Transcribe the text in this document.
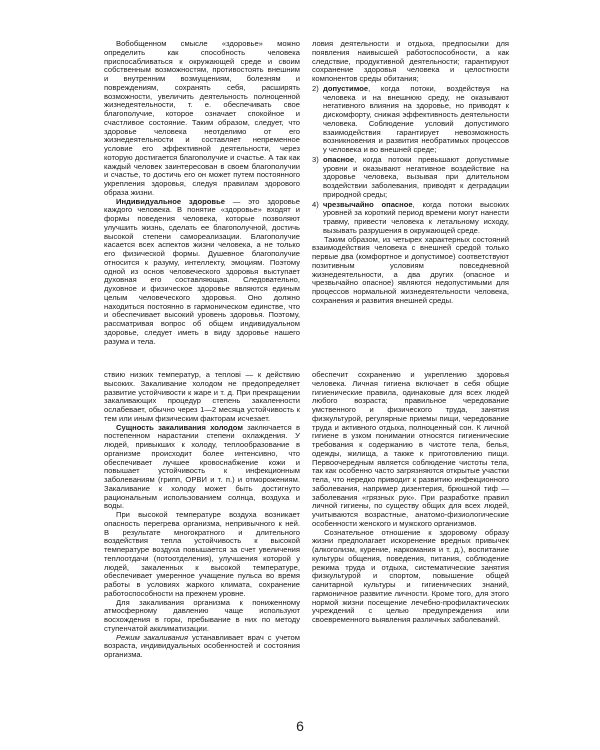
Вобобщенном смысле «здоровье» можно определить как способность человека приспосабливаться к окружающей среде и своим собственным возможностям, противостоять внешним и внутренним возмущениям, болезням и повреждениям, сохранять себя, расширять возможности, увеличить деятельность полноценной жизнедеятельности, т. е. обеспечивать свое благополучие, которое означает спокойное и счастливое состояние. Таким образом, следует, что здоровье человека неотделимо от его жизнедеятельности и составляет непременное условие его эффективной деятельности, через которую достигается благополучие и счастье. А так как каждый человек заинтересован в своем благополучии и счастье, то достичь его он может путем постоянного укрепления здоровья, следуя правилам здорового образа жизни.

Индивидуальное здоровье — это здоровье каждого человека. В понятие «здоровье» входят и формы поведения человека, которые позволяют улучшить жизнь, сделать ее благополучной, достичь высокой степени самореализации. Благополучие касается всех аспектов жизни человека, а не только его физической формы. Душевное благополучие относится к разуму, интеллекту, эмоциям. Поэтому одной из основ человеческого здоровья выступает духовная его составляющая. Следовательно, духовное и физическое здоровье являются единым целым человеческого здоровья. Оно должно находиться постоянно в гармоническом единстве, что и обеспечивает высокий уровень здоровья. Поэтому, рассматривая вопрос об общем индивидуальном здоровье, следует иметь в виду здоровье нашего разума и тела.

ловия деятельности и отдыха, предпосылки для появления наивысшей работоспособности, а как следствие, продуктивной деятельности; гарантируют сохранение здоровья человека и целостности компонентов среды обитания;

2) допустимое, когда потоки, воздействуя на человека и на внешнюю среду, не оказывают негативного влияния на здоровье, но приводят к дискомфорту, снижая эффективность деятельности человека. Соблюдение условий допустимого взаимодействия гарантирует невозможность возникновения и развития необратимых процессов у человека и во внешней среде;
3) опасное, когда потоки превышают допустимые уровни и оказывают негативное воздействие на здоровье человека, вызывая при длительном воздействии заболевания, приводят к деградации природной среды;
4) чрезвычайно опасное, когда потоки высоких уровней за короткий период времени могут нанести травму, привести человека к летальному исходу, вызывать разрушения в окружающей среде.

Таким образом, из четырех характерных состояний взаимодействия человека с внешней средой только первые два (комфортное и допустимое) соответствуют позитивным условиям повседневной жизнедеятельности, а два других (опасное и чрезвычайно опасное) являются недопустимыми для процессов нормальной жизнедеятельности человека, сохранения и развития внешней среды.

ствию низких температур, а теплові — к действию высоких. Закаливание холодом не предопределяет развитие устойчивости к жаре и т. д. При прекращении закаливающих процедур степень закаленности ослабевает, обычно через 1—2 месяца устойчивость к тем или иным физическим факторам исчезает.

Сущность закаливания холодом заключается в постепенном нарастании степени охлаждения. У людей, привыкших к холоду, теплообразование в организме происходит более интенсивно, что обеспечивает лучшее кровоснабжение кожи и повышает устойчивость к инфекционным заболеваниям (грипп, ОРВИ и т. п.) и отморожениям. Закаливание к холоду может быть достигнуто рациональным использованием солнца, воздуха и воды.

При высокой температуре воздуха возникает опасность перегрева организма, непривычного к ней. В результате многократного и длительного воздействия тепла устойчивость к высокой температуре воздуха повышается за счет увеличения теплоотдачи (потоотделения), улучшения которой у людей, закаленных к высокой температуре, обеспечивает умеренное учащение пульса во время работы в условиях жаркого климата, сохранение работоспособности на прежнем уровне.

Для закаливания организма к пониженному атмосферному давлению чаще используют восхождения в горы, пребывание в них по методу ступенчатой акклиматизации.

Режим закаливания устанавливает врач с учетом возраста, индивидуальных особенностей и состояния организма.

обеспечит сохранению и укреплению здоровья человека. Личная гигиена включает в себя общие гигиенические правила, одинаковые для всех людей любого возраста; правильное чередование умственного и физического труда, занятия физкультурой, регулярные приемы пищи, чередование труда и активного отдыха, полноценный сон. К личной гигиене в узком понимании относятся гигиенические требования к содержанию в чистоте тела, белья, одежды, жилища, а также к приготовлению пищи. Первоочередным является соблюдение чистоты тела, так как особенно часто загрязняются открытые участки тела, что нередко приводит к развитию инфекционного заболевания, например дизентерия, брюшной тиф — заболевания «грязных рук». При разработке правил личной гигиены, по существу общих для всех людей, учитываются возрастные, анатомо-физиологические особенности женского и мужского организмов.

Сознательное отношение к здоровому образу жизни предполагает искоренение вредных привычек (алкоголизм, курение, наркомания и т. д.), воспитание культуры общения, поведения, питания, соблюдение режима труда и отдыха, систематические занятия физкультурой и спортом, повышение общей санитарной культуры и гигиенических знаний, гармоничное развитие личности. Кроме того, для этого нормой жизни посещение лечебно-профилактических учреждений с целью предупреждения или своевременного выявления различных заболеваний.

6
